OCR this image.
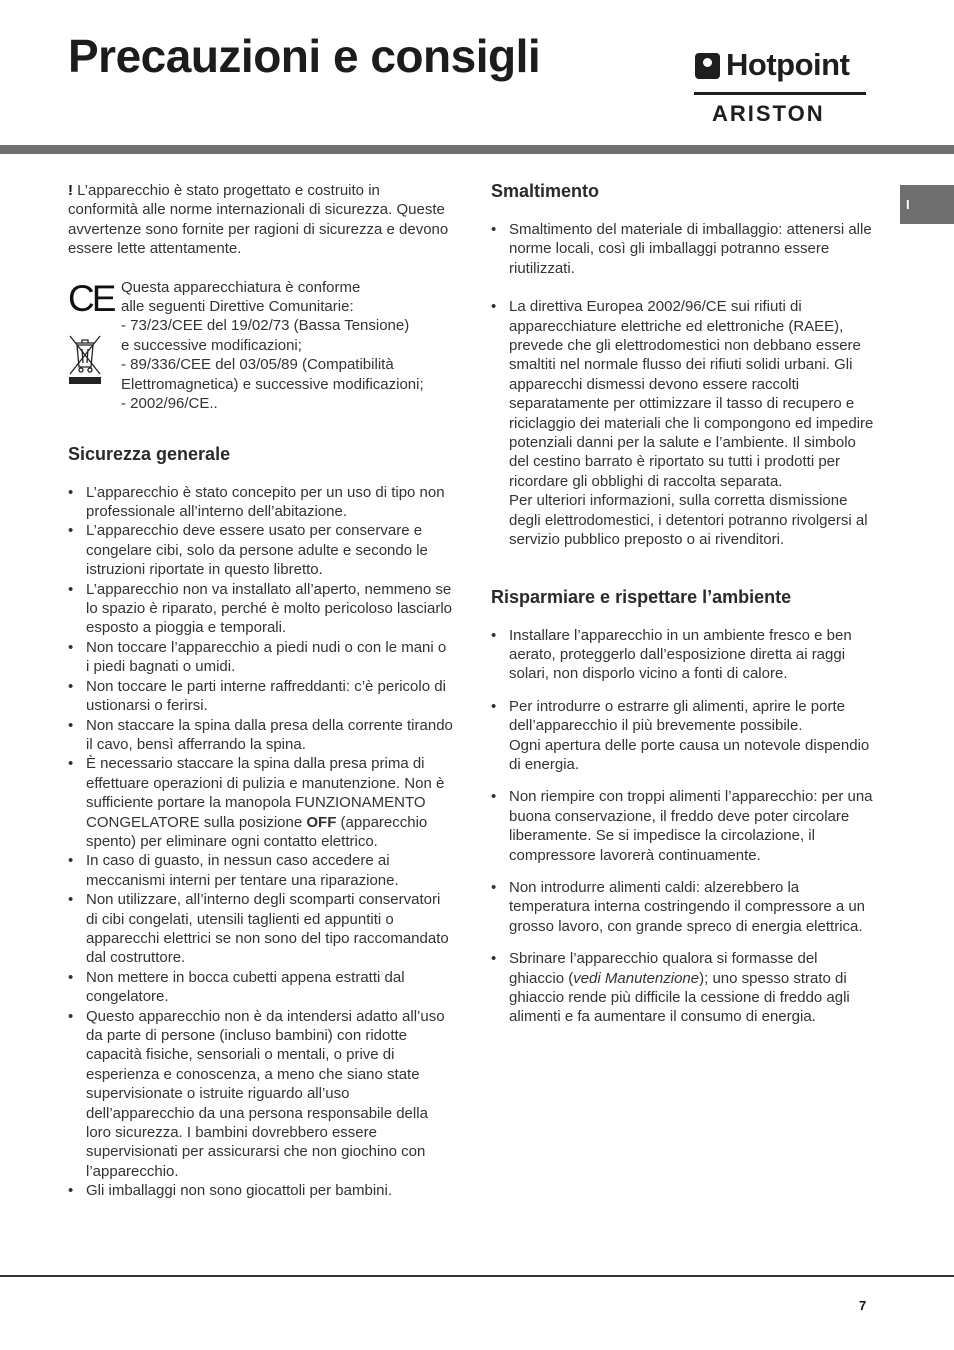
Precauzioni e consigli	Hotpoint
ARISTON
I

! L’apparecchio è stato progettato e costruito in conformità alle norme internazionali di sicurezza. Queste avvertenze sono fornite per ragioni di sicurezza e devono essere lette attentamente.

CE Questa apparecchiatura è conforme
alle seguenti Direttive Comunitarie:
- 73/23/CEE del 19/02/73 (Bassa Tensione)
e successive modificazioni;
- 89/336/CEE del 03/05/89 (Compatibilità
Elettromagnetica) e successive modificazioni;
- 2002/96/CE..
Sicurezza generale
• L’apparecchio è stato concepito per un uso di tipo non professionale all’interno dell’abitazione.
• L’apparecchio deve essere usato per conservare e congelare cibi, solo da persone adulte e secondo le istruzioni riportate in questo libretto.
• L’apparecchio non va installato all’aperto, nemmeno se lo spazio è riparato, perché è molto pericoloso lasciarlo esposto a pioggia e temporali.
• Non toccare l’apparecchio a piedi nudi o con le mani o i piedi bagnati o umidi.
• Non toccare le parti interne raffreddanti: c’è pericolo di ustionarsi o ferirsi.
• Non staccare la spina dalla presa della corrente tirando il cavo, bensì afferrando la spina.
• È necessario staccare la spina dalla presa prima di effettuare operazioni di pulizia e manutenzione. Non è sufficiente portare la manopola FUNZIONAMENTO CONGELATORE sulla posizione OFF (apparecchio spento) per eliminare ogni contatto elettrico.
• In caso di guasto, in nessun caso accedere ai meccanismi interni per tentare una riparazione.
• Non utilizzare, all’interno degli scomparti conservatori di cibi congelati, utensili taglienti ed appuntiti o apparecchi elettrici se non sono del tipo raccomandato dal costruttore.
• Non mettere in bocca cubetti appena estratti dal congelatore.
• Questo apparecchio non è da intendersi adatto all’uso da parte di persone (incluso bambini) con ridotte capacità fisiche, sensoriali o mentali, o prive di esperienza e conoscenza, a meno che siano state supervisionate o istruite riguardo all’uso dell’apparecchio da una persona responsabile della loro sicurezza. I bambini dovrebbero essere supervisionati per assicurarsi che non giochino con l’apparecchio.
• Gli imballaggi non sono giocattoli per bambini.
Smaltimento
• Smaltimento del materiale di imballaggio: attenersi alle norme locali, così gli imballaggi potranno essere riutilizzati.
• La direttiva Europea 2002/96/CE sui rifiuti di apparecchiature elettriche ed elettroniche (RAEE), prevede che gli elettrodomestici non debbano essere smaltiti nel normale flusso dei rifiuti solidi urbani. Gli apparecchi dismessi devono essere raccolti separatamente per ottimizzare il tasso di recupero e riciclaggio dei materiali che li compongono ed impedire potenziali danni per la salute e l’ambiente. Il simbolo del cestino barrato è riportato su tutti i prodotti per ricordare gli obblighi di raccolta separata.
Per ulteriori informazioni, sulla corretta dismissione degli elettrodomestici, i detentori potranno rivolgersi al servizio pubblico preposto o ai rivenditori.
Risparmiare e rispettare l’ambiente
• Installare l’apparecchio in un ambiente fresco e ben aerato, proteggerlo dall’esposizione diretta ai raggi solari, non disporlo vicino a fonti di calore.
• Per introdurre o estrarre gli alimenti, aprire le porte dell’apparecchio il più brevemente possibile.
Ogni apertura delle porte causa un notevole dispendio di energia.
• Non riempire con troppi alimenti l’apparecchio: per una buona conservazione, il freddo deve poter circolare liberamente. Se si impedisce la circolazione, il compressore lavorerà continuamente.
• Non introdurre alimenti caldi: alzerebbero la temperatura interna costringendo il compressore a un grosso lavoro, con grande spreco di energia elettrica.
• Sbrinare l’apparecchio qualora si formasse del ghiaccio (vedi Manutenzione); uno spesso strato di ghiaccio rende più difficile la cessione di freddo agli alimenti e fa aumentare il consumo di energia.
7
